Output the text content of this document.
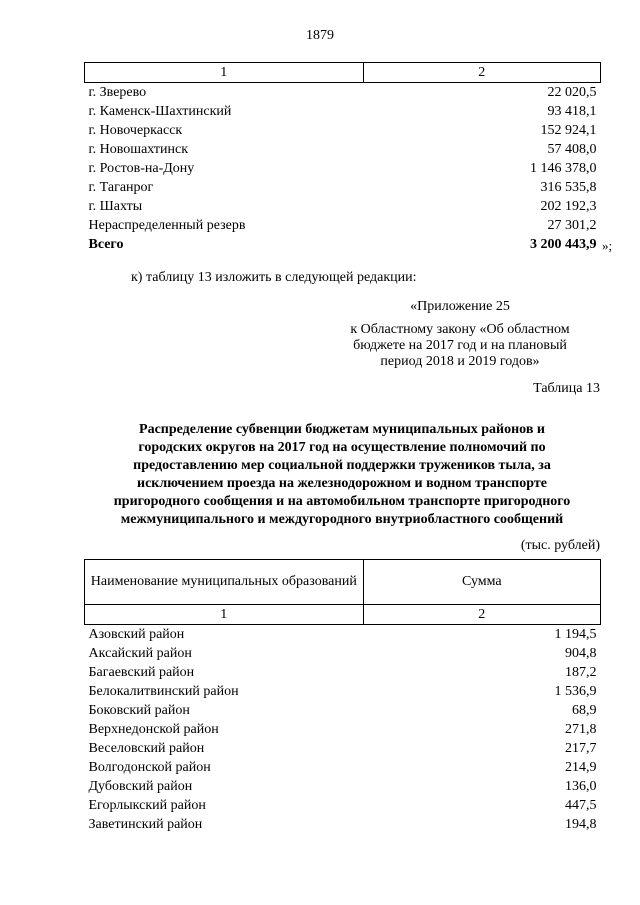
1879
1	2
г. Зверево	22 020,5
г. Каменск-Шахтинский	93 418,1
г. Новочеркасск	152 924,1
г. Новошахтинск	57 408,0
г. Ростов-на-Дону	1 146 378,0
г. Таганрог	316 535,8
г. Шахты	202 192,3
Нераспределенный резерв	27 301,2
Всего	3 200 443,9 »;
к) таблицу 13 изложить в следующей редакции:
«Приложение 25
к Областному закону «Об областном
бюджете на 2017 год и на плановый
период 2018 и 2019 годов»
Таблица 13
Распределение субвенции бюджетам муниципальных районов и
городских округов на 2017 год на осуществление полномочий по
предоставлению мер социальной поддержки тружеников тыла, за
исключением проезда на железнодорожном и водном транспорте
пригородного сообщения и на автомобильном транспорте пригородного
межмуниципального и междугородного внутриобластного сообщений
(тыс. рублей)
Наименование муниципальных образований	Сумма
1	2
Азовский район	1 194,5
Аксайский район	904,8
Багаевский район	187,2
Белокалитвинский район	1 536,9
Боковский район	68,9
Верхнедонской район	271,8
Веселовский район	217,7
Волгодонской район	214,9
Дубовский район	136,0
Егорлыкский район	447,5
Заветинский район	194,8
